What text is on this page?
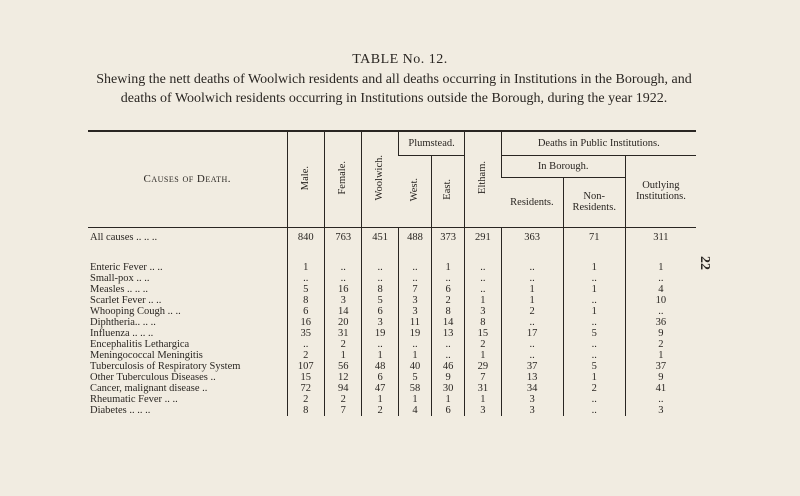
TABLE No. 12.
Shewing the nett deaths of Woolwich residents and all deaths occurring in Institutions in the Borough, and deaths of Woolwich residents occurring in Institutions outside the Borough, during the year 1922.
22
Causes of Death.	Male.	Female.	Woolwich.	Plumstead.		Eltham.	Deaths in Public Institutions.		
				West.	East.		In Borough.		Outlying Institutions.
							Residents.	Non- Residents.	
All causes .. .. ..	840	763	451	488	373	291	363	71	311

Enteric Fever .. ..	1	..	..	..	1	..	..	1	1
Small-pox .. ..	..	..	..	..	..	..	..	..	..
Measles .. .. ..	5	16	8	7	6	..	1	1	4
Scarlet Fever .. ..	8	3	5	3	2	1	1	..	10
Whooping Cough .. ..	6	14	6	3	8	3	2	1	..
Diphtheria.. .. ..	16	20	3	11	14	8	..	..	36
Influenza .. .. ..	35	31	19	19	13	15	17	5	9
Encephalitis Lethargica	..	2	..	..	..	2	..	..	2
Meningococcal Meningitis	2	1	1	1	..	1	..	..	1
Tuberculosis of Respiratory System	107	56	48	40	46	29	37	5	37
Other Tuberculous Diseases ..	15	12	6	5	9	7	13	1	9
Cancer, malignant disease ..	72	94	47	58	30	31	34	2	41
Rheumatic Fever .. ..	2	2	1	1	1	1	3	..	..
Diabetes .. .. ..	8	7	2	4	6	3	3	..	3
